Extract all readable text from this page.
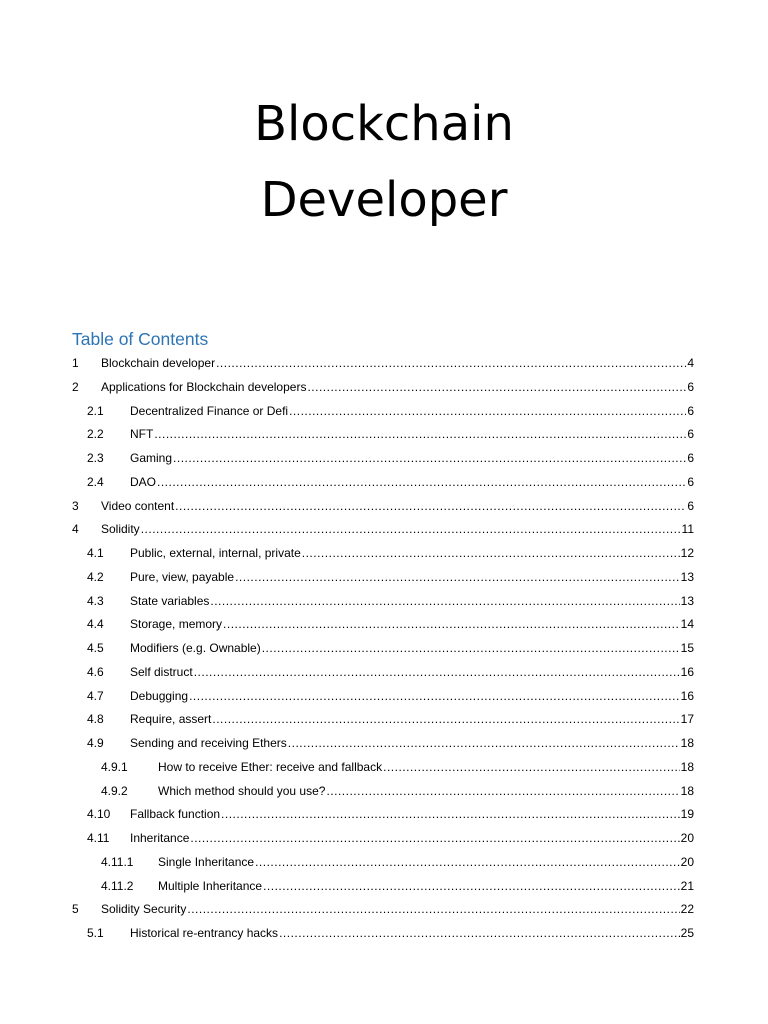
Blockchain
Developer
Table of Contents
1 Blockchain developer .....	4
2 Applications for Blockchain developers .....	6
2.1 Decentralized Finance or Defi .....	6
2.2 NFT .....	6
2.3 Gaming .....	6
2.4 DAO .....	6
3 Video content .....	6
4 Solidity .....	11
4.1 Public, external, internal, private .....	12
4.2 Pure, view, payable .....	13
4.3 State variables .....	13
4.4 Storage, memory .....	14
4.5 Modifiers (e.g. Ownable) .....	15
4.6 Self distruct .....	16
4.7 Debugging .....	16
4.8 Require, assert .....	17
4.9 Sending and receiving Ethers .....	18
4.9.1	How to receive Ether: receive and fallback .....	18
4.9.2	Which method should you use? .....	18
4.10 Fallback function .....	19
4.11 Inheritance .....	20
4.11.1 Single Inheritance .....	20
4.11.2 Multiple Inheritance .....	21
5 Solidity Security .....	22
5.1 Historical re-entrancy hacks .....	25
